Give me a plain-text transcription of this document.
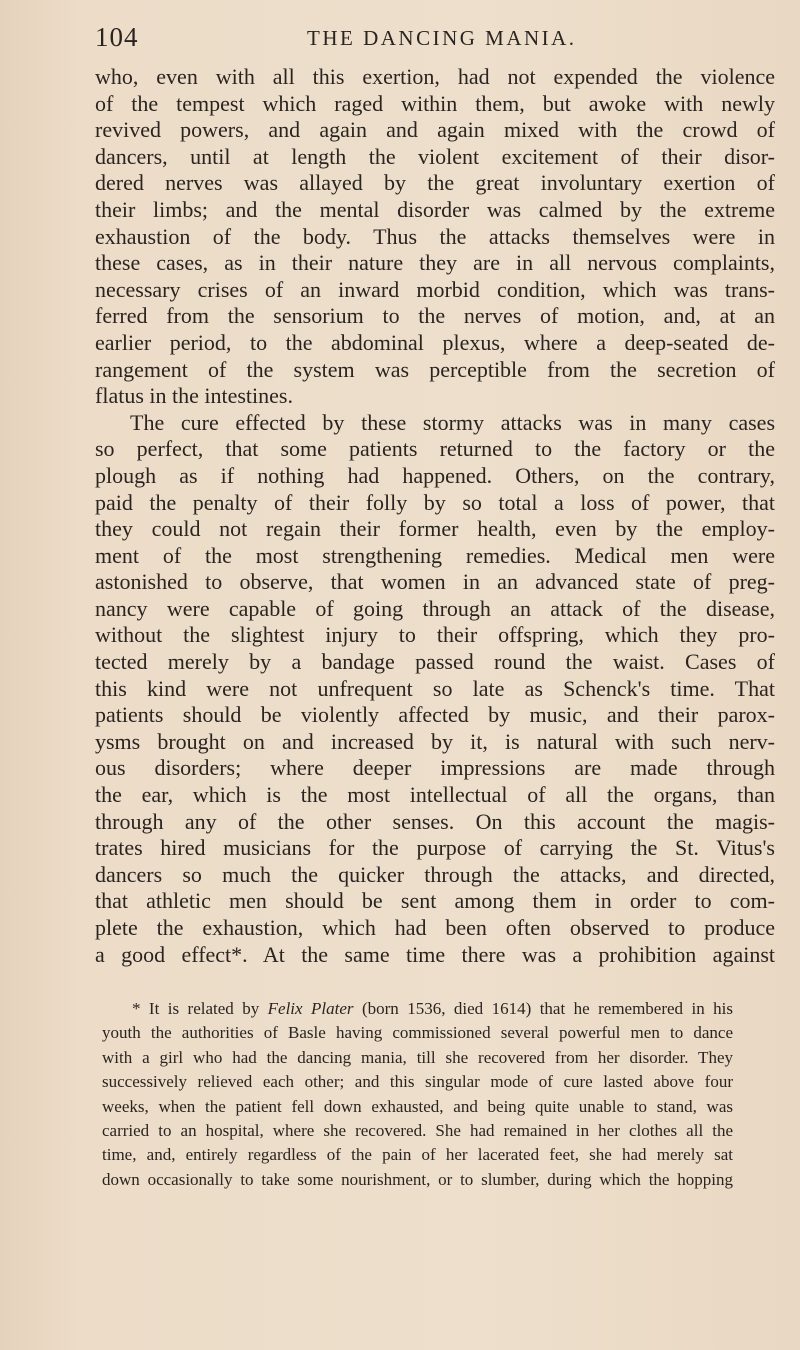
104	THE DANCING MANIA.
who, even with all this exertion, had not expended the violence
of the tempest which raged within them, but awoke with newly
revived powers, and again and again mixed with the crowd of
dancers, until at length the violent excitement of their disor-
dered nerves was allayed by the great involuntary exertion of
their limbs; and the mental disorder was calmed by the extreme
exhaustion of the body. Thus the attacks themselves were in
these cases, as in their nature they are in all nervous complaints,
necessary crises of an inward morbid condition, which was trans-
ferred from the sensorium to the nerves of motion, and, at an
earlier period, to the abdominal plexus, where a deep-seated de-
rangement of the system was perceptible from the secretion of
flatus in the intestines.
The cure effected by these stormy attacks was in many cases
so perfect, that some patients returned to the factory or the
plough as if nothing had happened. Others, on the contrary,
paid the penalty of their folly by so total a loss of power, that
they could not regain their former health, even by the employ-
ment of the most strengthening remedies. Medical men were
astonished to observe, that women in an advanced state of preg-
nancy were capable of going through an attack of the disease,
without the slightest injury to their offspring, which they pro-
tected merely by a bandage passed round the waist. Cases of
this kind were not unfrequent so late as Schenck's time. That
patients should be violently affected by music, and their parox-
ysms brought on and increased by it, is natural with such nerv-
ous disorders; where deeper impressions are made through
the ear, which is the most intellectual of all the organs, than
through any of the other senses. On this account the magis-
trates hired musicians for the purpose of carrying the St. Vitus's
dancers so much the quicker through the attacks, and directed,
that athletic men should be sent among them in order to com-
plete the exhaustion, which had been often observed to produce
a good effect*. At the same time there was a prohibition against
* It is related by Felix Plater (born 1536, died 1614) that he remembered in his
youth the authorities of Basle having commissioned several powerful men to dance
with a girl who had the dancing mania, till she recovered from her disorder. They
successively relieved each other; and this singular mode of cure lasted above four
weeks, when the patient fell down exhausted, and being quite unable to stand, was
carried to an hospital, where she recovered. She had remained in her clothes all the
time, and, entirely regardless of the pain of her lacerated feet, she had merely sat
down occasionally to take some nourishment, or to slumber, during which the hopping
